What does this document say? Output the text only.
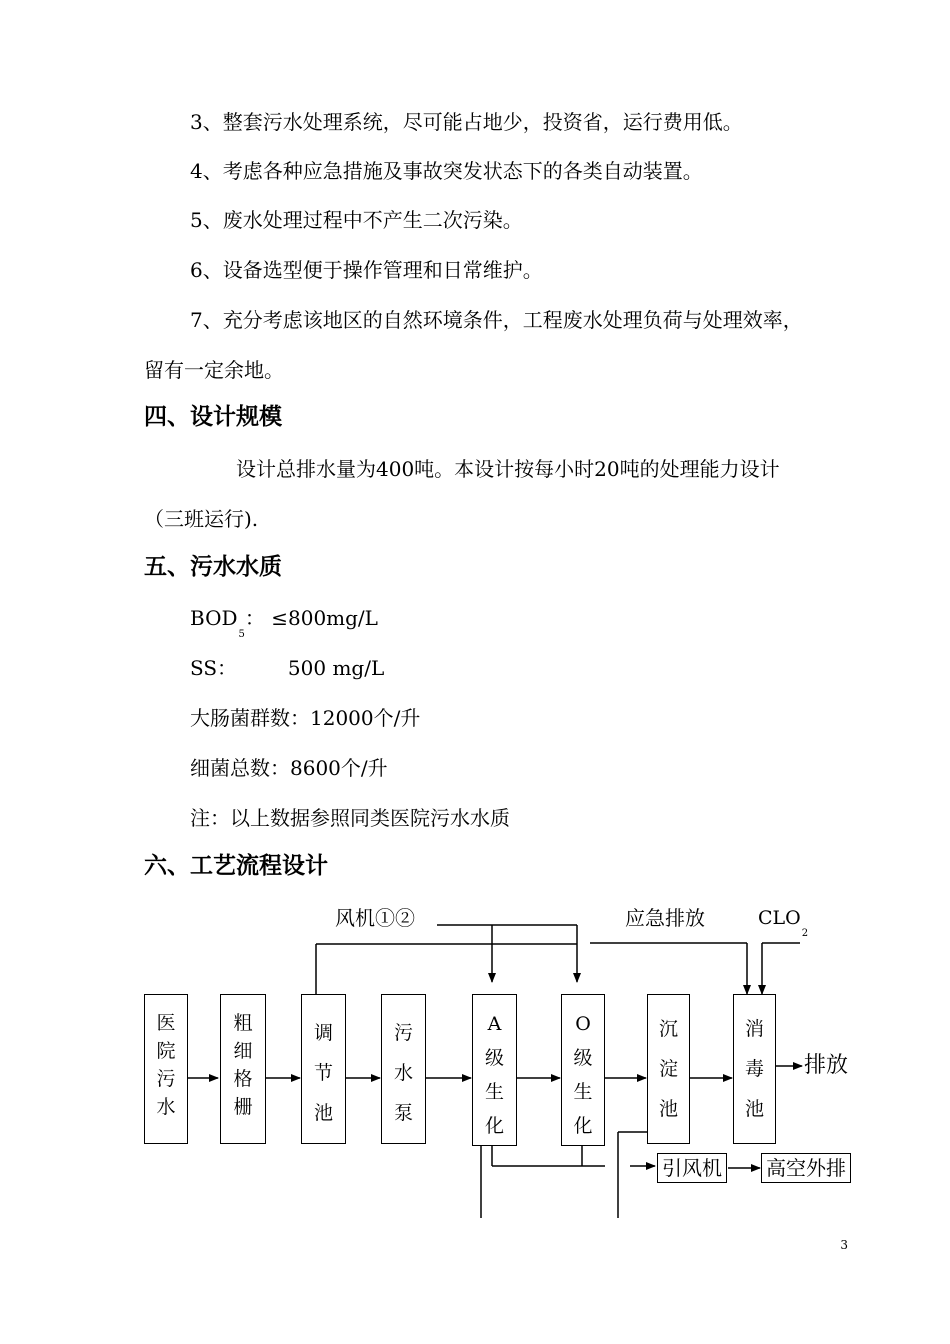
3、整套污水处理系统，尽可能占地少，投资省，运行费用低。
4、考虑各种应急措施及事故突发状态下的各类自动装置。
5、废水处理过程中不产生二次污染。
6、设备选型便于操作管理和日常维护。
7、充分考虑该地区的自然环境条件，工程废水处理负荷与处理效率，
留有一定余地。
四、设计规模
设计总排水量为400吨。本设计按每小时20吨的处理能力设计
（三班运行).
五、污水水质
$BOD_5$： ≤800mg/L
SS：        500 mg/L
大肠菌群数：12000个/升
细菌总数：8600个/升
注：以上数据参照同类医院污水水质
六、工艺流程设计
风机①②	应急排放	$CLO_2$
医院污水
粗细格栅
调节池
污水泵
A级生化
O级生化
沉淀池
消毒池
排放
引风机 高空外排
3
